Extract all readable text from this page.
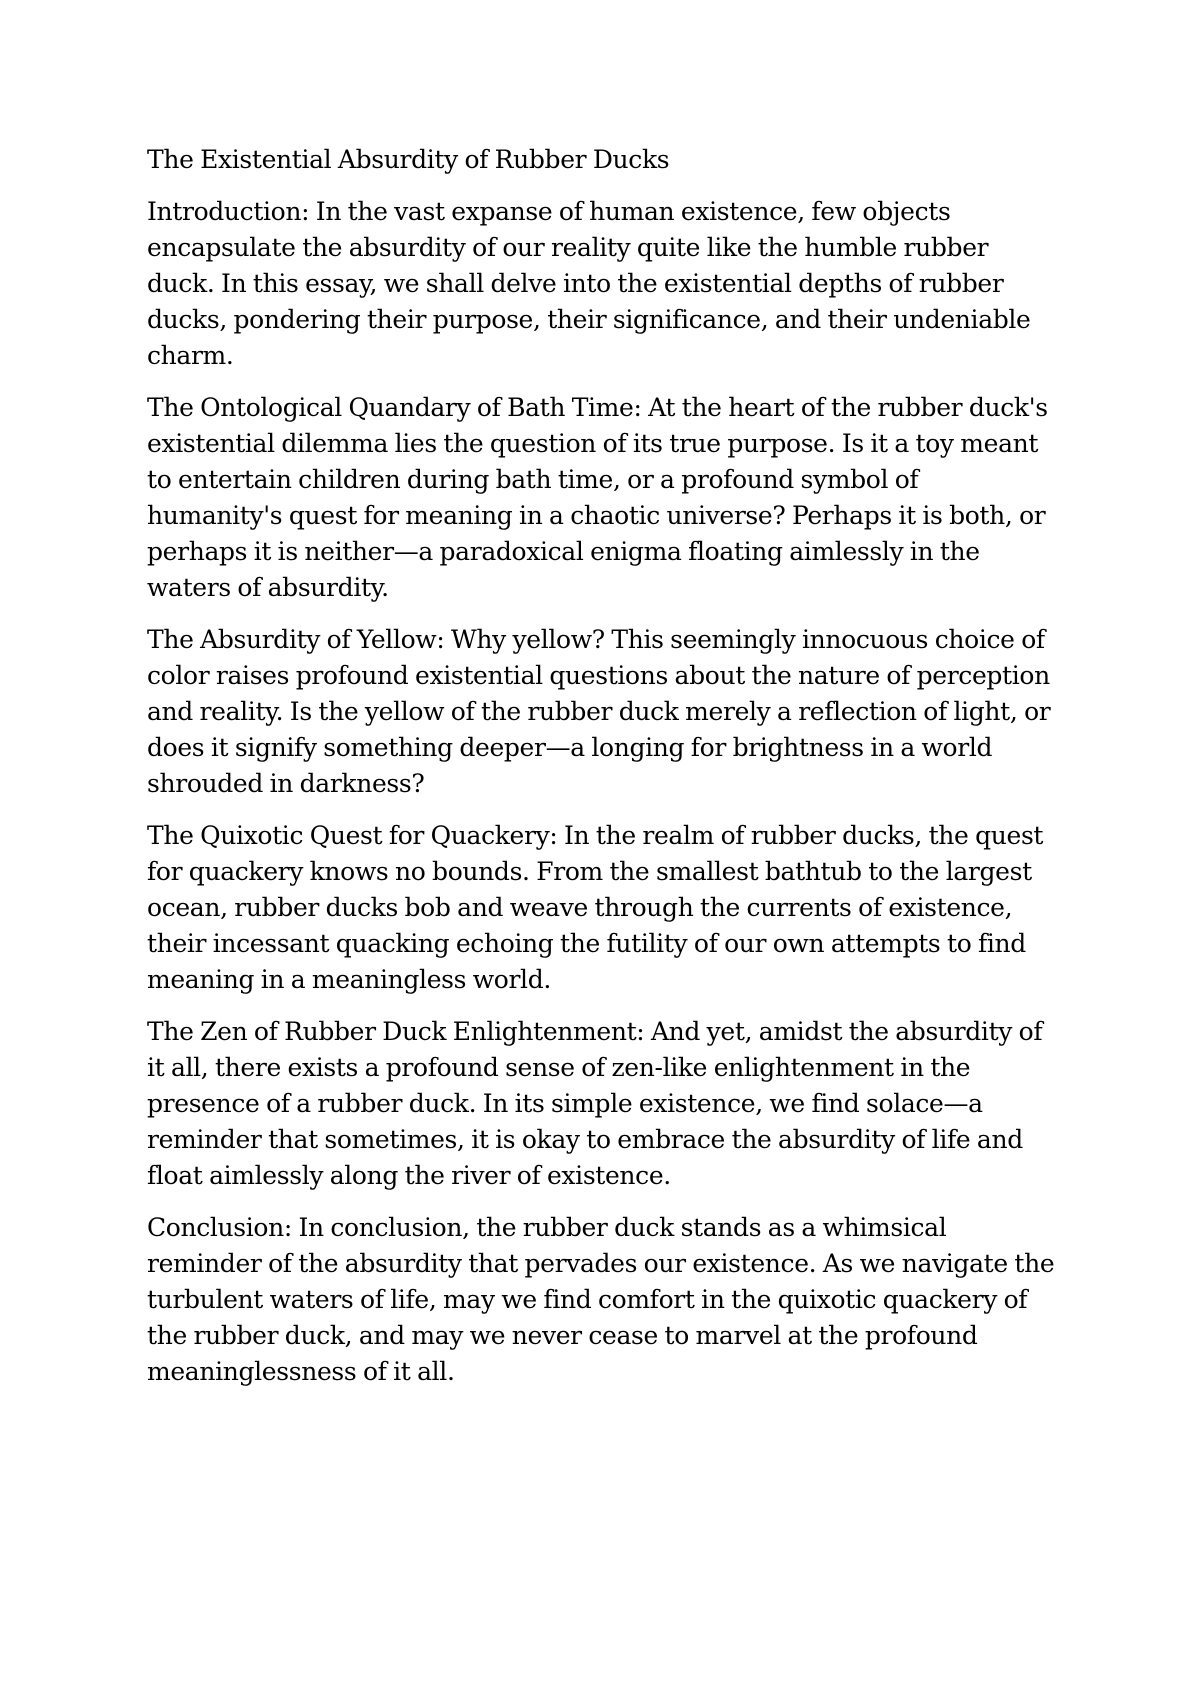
The Existential Absurdity of Rubber Ducks

Introduction: In the vast expanse of human existence, few objects encapsulate the absurdity of our reality quite like the humble rubber duck. In this essay, we shall delve into the existential depths of rubber ducks, pondering their purpose, their significance, and their undeniable charm.

The Ontological Quandary of Bath Time: At the heart of the rubber duck's existential dilemma lies the question of its true purpose. Is it a toy meant to entertain children during bath time, or a profound symbol of humanity's quest for meaning in a chaotic universe? Perhaps it is both, or perhaps it is neither—a paradoxical enigma floating aimlessly in the waters of absurdity.

The Absurdity of Yellow: Why yellow? This seemingly innocuous choice of color raises profound existential questions about the nature of perception and reality. Is the yellow of the rubber duck merely a reflection of light, or does it signify something deeper—a longing for brightness in a world shrouded in darkness?

The Quixotic Quest for Quackery: In the realm of rubber ducks, the quest for quackery knows no bounds. From the smallest bathtub to the largest ocean, rubber ducks bob and weave through the currents of existence, their incessant quacking echoing the futility of our own attempts to find meaning in a meaningless world.

The Zen of Rubber Duck Enlightenment: And yet, amidst the absurdity of it all, there exists a profound sense of zen-like enlightenment in the presence of a rubber duck. In its simple existence, we find solace—a reminder that sometimes, it is okay to embrace the absurdity of life and float aimlessly along the river of existence.

Conclusion: In conclusion, the rubber duck stands as a whimsical reminder of the absurdity that pervades our existence. As we navigate the turbulent waters of life, may we find comfort in the quixotic quackery of the rubber duck, and may we never cease to marvel at the profound meaninglessness of it all.
